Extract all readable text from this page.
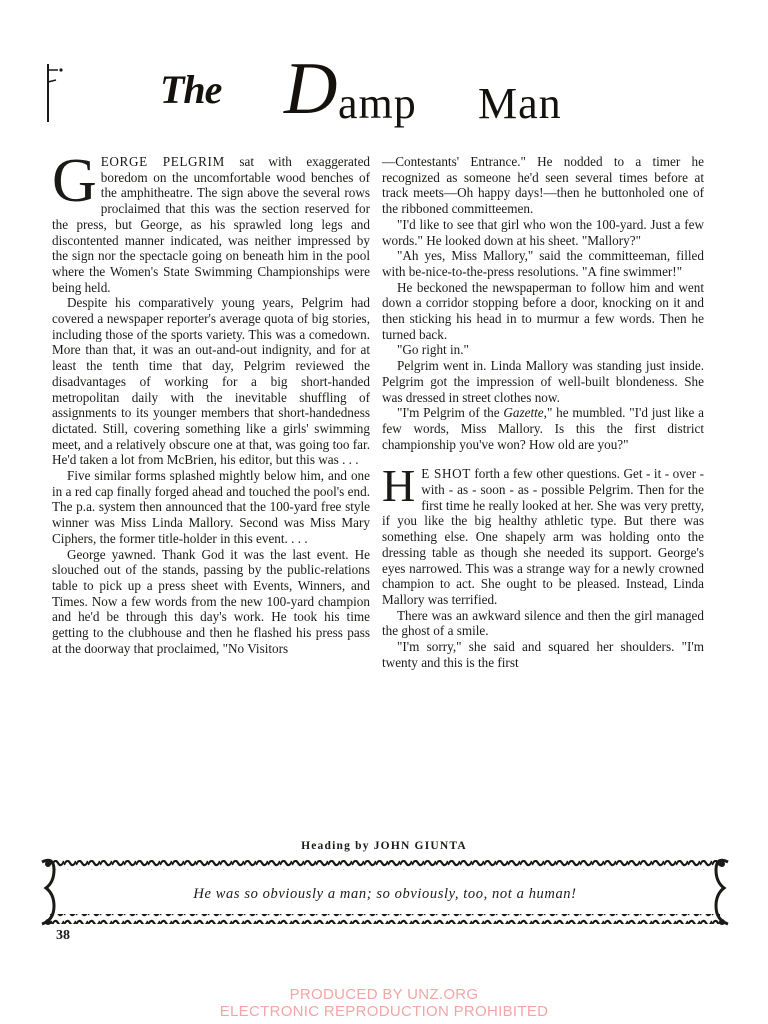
The D amp Man

GEORGE PELGRIM sat with exaggerated boredom on the uncomfortable wood benches of the amphitheatre. The sign above the several rows proclaimed that this was the section reserved for the press, but George, as his sprawled long legs and discontented manner indicated, was neither impressed by the sign nor the spectacle going on beneath him in the pool where the Women's State Swimming Championships were being held.

Despite his comparatively young years, Pelgrim had covered a newspaper reporter's average quota of big stories, including those of the sports variety. This was a comedown. More than that, it was an out-and-out indignity, and for at least the tenth time that day, Pelgrim reviewed the disadvantages of working for a big short-handed metropolitan daily with the inevitable shuffling of assignments to its younger members that short-handedness dictated. Still, covering something like a girls' swimming meet, and a relatively obscure one at that, was going too far. He'd taken a lot from McBrien, his editor, but this was . . .

Five similar forms splashed mightly below him, and one in a red cap finally forged ahead and touched the pool's end. The p.a. system then announced that the 100-yard free style winner was Miss Linda Mallory. Second was Miss Mary Ciphers, the former title-holder in this event. . . .

George yawned. Thank God it was the last event. He slouched out of the stands, passing by the public-relations table to pick up a press sheet with Events, Winners, and Times. Now a few words from the new 100-yard champion and he'd be through this day's work. He took his time getting to the clubhouse and then he flashed his press pass at the doorway that proclaimed, "No Visitors

—Contestants' Entrance." He nodded to a timer he recognized as someone he'd seen several times before at track meets—Oh happy days!—then he buttonholed one of the ribboned committeemen.

"I'd like to see that girl who won the 100-yard. Just a few words." He looked down at his sheet. "Mallory?"

"Ah yes, Miss Mallory," said the committeeman, filled with be-nice-to-the-press resolutions. "A fine swimmer!"

He beckoned the newspaperman to follow him and went down a corridor stopping before a door, knocking on it and then sticking his head in to murmur a few words. Then he turned back.

"Go right in."

Pelgrim went in. Linda Mallory was standing just inside. Pelgrim got the impression of well-built blondeness. She was dressed in street clothes now.

"I'm Pelgrim of the Gazette," he mumbled. "I'd just like a few words, Miss Mallory. Is this the first district championship you've won? How old are you?"

H E SHOT forth a few other questions. Get - it - over - with - as - soon - as - possible Pelgrim. Then for the first time he really looked at her. She was very pretty, if you like the big healthy athletic type. But there was something else. One shapely arm was holding onto the dressing table as though she needed its support. George's eyes narrowed. This was a strange way for a newly crowned champion to act. She ought to be pleased. Instead, Linda Mallory was terrified.

There was an awkward silence and then the girl managed the ghost of a smile.

"I'm sorry," she said and squared her shoulders. "I'm twenty and this is the first

Heading by JOHN GIUNTA
He was so obviously a man; so obviously, too, not a human!
38
PRODUCED BY UNZ.ORG
ELECTRONIC REPRODUCTION PROHIBITED
